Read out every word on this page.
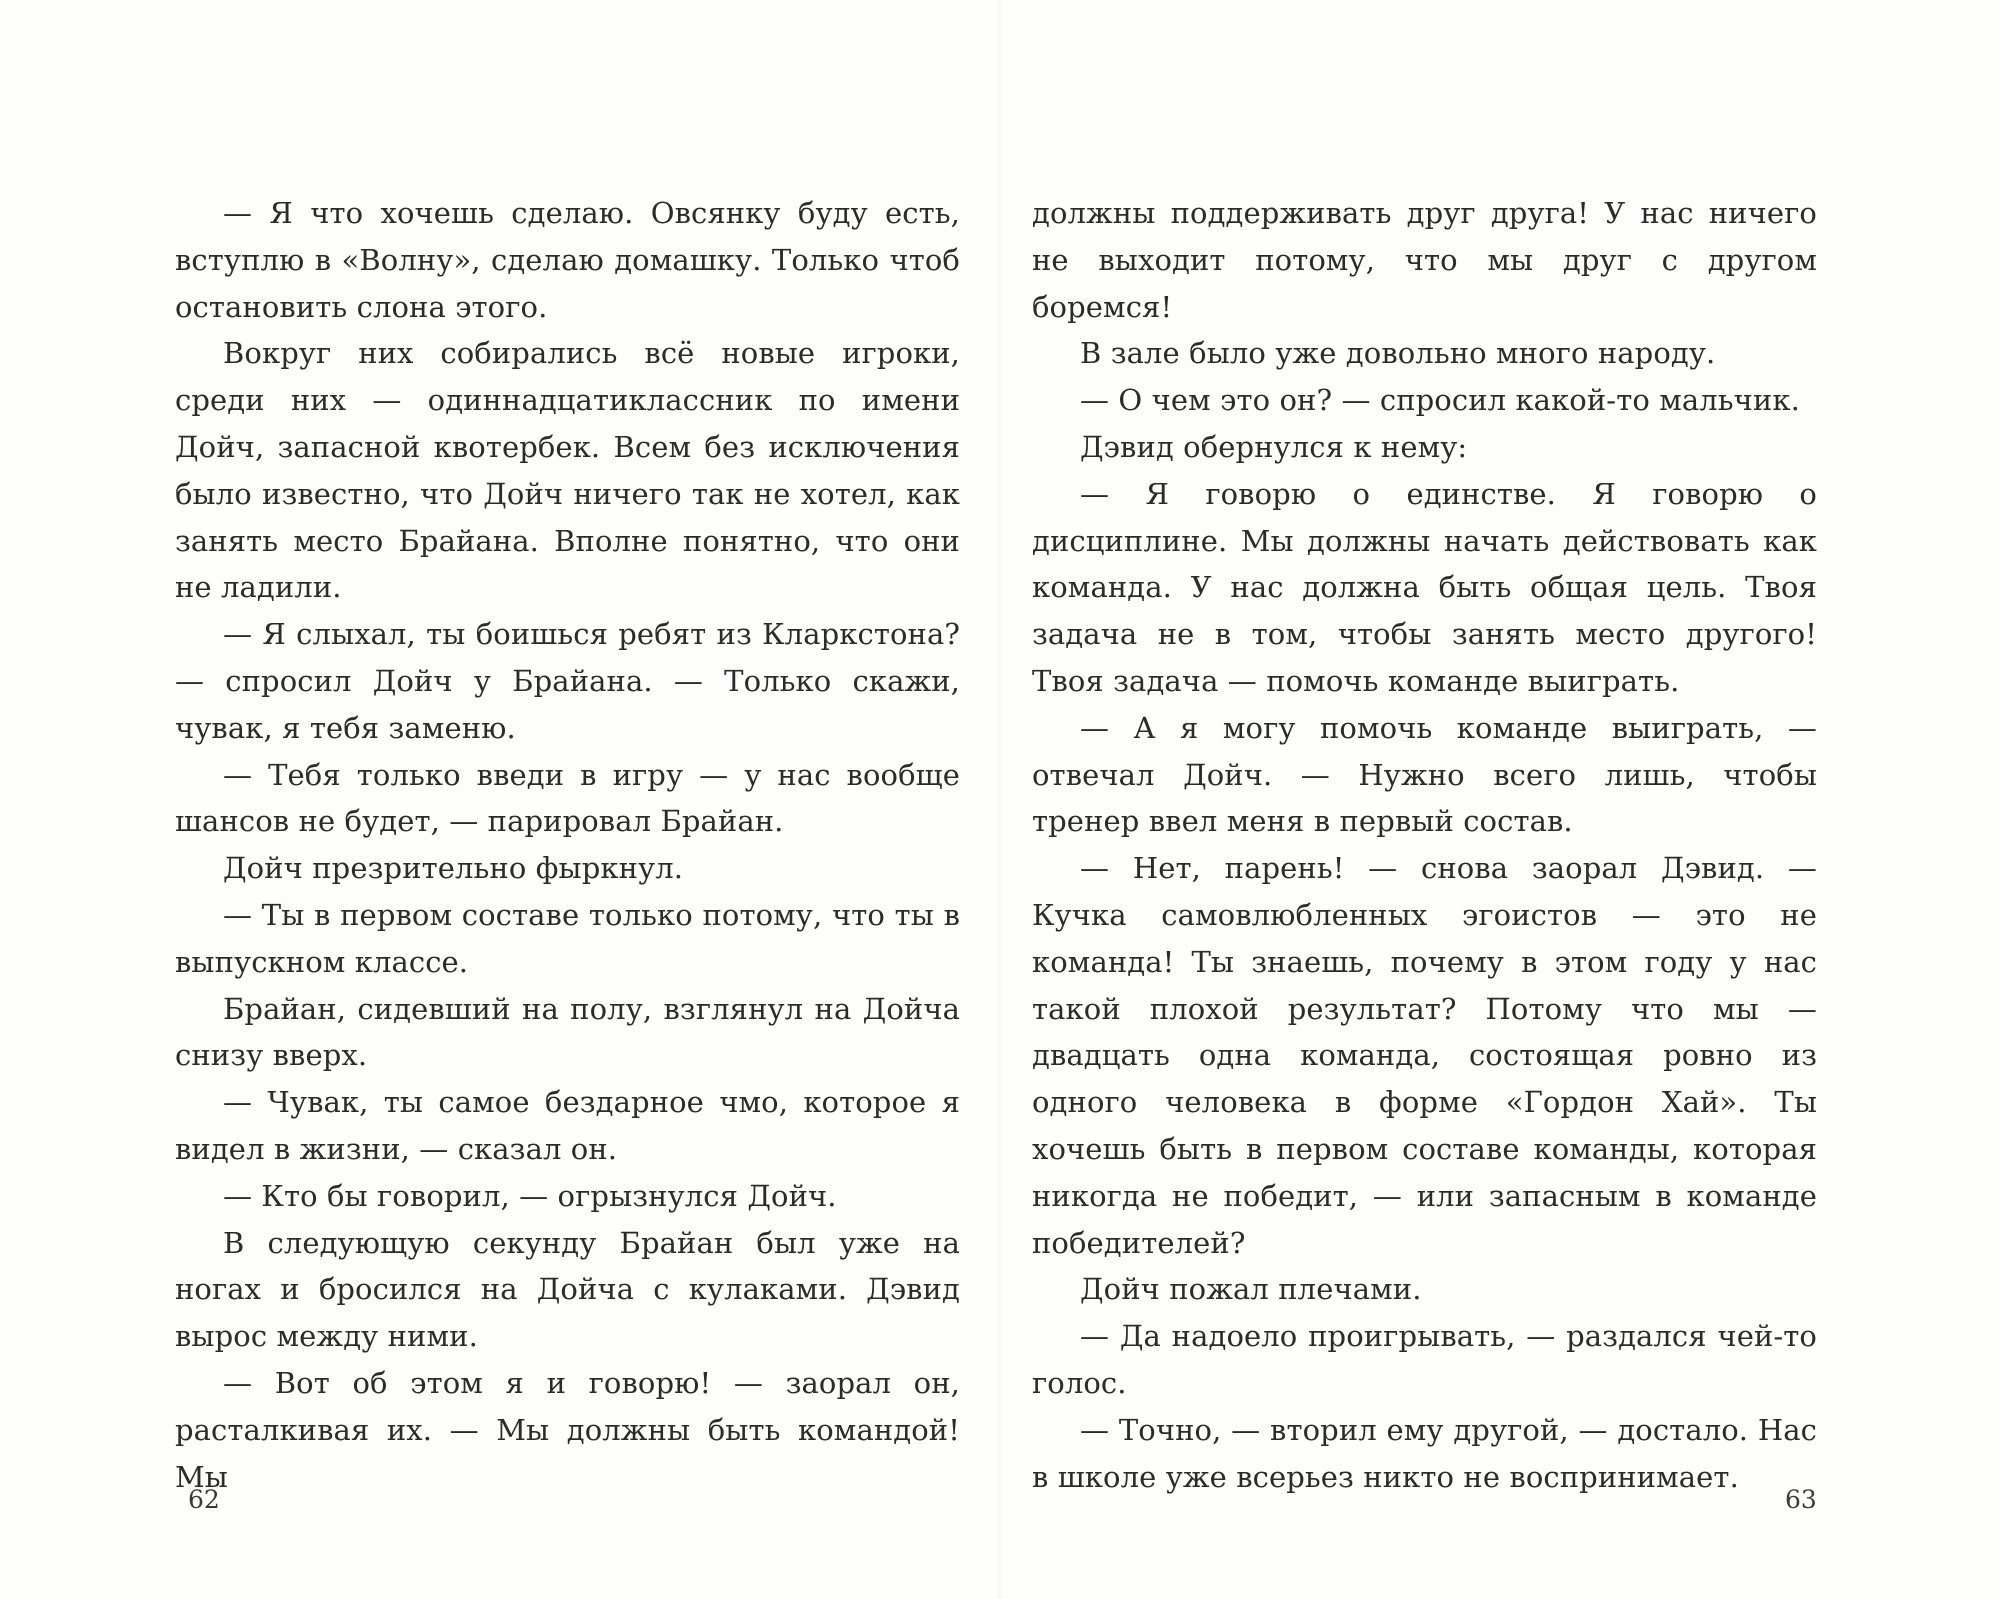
— Я что хочешь сделаю. Овсянку буду есть, вступлю в «Волну», сделаю домашку. Только чтоб остановить слона этого.

Вокруг них собирались всё новые игроки, среди них — одиннадцатиклассник по имени Дойч, запасной квотербек. Всем без исключения было известно, что Дойч ничего так не хотел, как занять место Брайана. Вполне понятно, что они не ладили.

— Я слыхал, ты боишься ребят из Кларкстона? — спросил Дойч у Брайана. — Только скажи, чувак, я тебя заменю.

— Тебя только введи в игру — у нас вообще шансов не будет, — парировал Брайан.

Дойч презрительно фыркнул.

— Ты в первом составе только потому, что ты в выпускном классе.

Брайан, сидевший на полу, взглянул на Дойча снизу вверх.

— Чувак, ты самое бездарное чмо, которое я видел в жизни, — сказал он.

— Кто бы говорил, — огрызнулся Дойч.

В следующую секунду Брайан был уже на ногах и бросился на Дойча с кулаками. Дэвид вырос между ними.

— Вот об этом я и говорю! — заорал он, расталкивая их. — Мы должны быть командой! Мы

должны поддерживать друг друга! У нас ничего не выходит потому, что мы друг с другом боремся!

В зале было уже довольно много народу.

— О чем это он? — спросил какой-то мальчик.

Дэвид обернулся к нему:

— Я говорю о единстве. Я говорю о дисциплине. Мы должны начать действовать как команда. У нас должна быть общая цель. Твоя задача не в том, чтобы занять место другого! Твоя задача — помочь команде выиграть.

— А я могу помочь команде выиграть, — отвечал Дойч. — Нужно всего лишь, чтобы тренер ввел меня в первый состав.

— Нет, парень! — снова заорал Дэвид. — Кучка самовлюбленных эгоистов — это не команда! Ты знаешь, почему в этом году у нас такой плохой результат? Потому что мы — двадцать одна команда, состоящая ровно из одного человека в форме «Гордон Хай». Ты хочешь быть в первом составе команды, которая никогда не победит, — или запасным в команде победителей?

Дойч пожал плечами.

— Да надоело проигрывать, — раздался чей-то голос.

— Точно, — вторил ему другой, — достало. Нас в школе уже всерьез никто не воспринимает.

62	63
